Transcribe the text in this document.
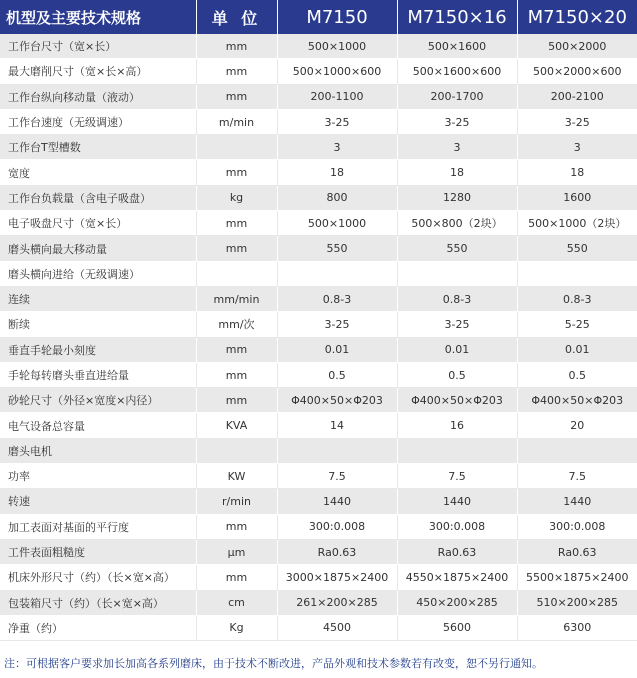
机型及主要技术规格	单 位	M7150	M7150×16	M7150×20
工作台尺寸（宽×长）	mm	500×1000	500×1600	500×2000
最大磨削尺寸（宽×长×高）	mm	500×1000×600	500×1600×600	500×2000×600
工作台纵向移动量（液动）	mm	200-1100	200-1700	200-2100
工作台速度（无级调速）	m/min	3-25	3-25	3-25
工作台T型槽数		3	3	3
宽度	mm	18	18	18
工作台负载量（含电子吸盘）	kg	800	1280	1600
电子吸盘尺寸（宽×长）	mm	500×1000	500×800（2块）	500×1000（2块）
磨头横向最大移动量	mm	550	550	550
磨头横向进给（无级调速）				
连续	mm/min	0.8-3	0.8-3	0.8-3
断续	mm/次	3-25	3-25	5-25
垂直手轮最小刻度	mm	0.01	0.01	0.01
手轮每转磨头垂直进给量	mm	0.5	0.5	0.5
砂轮尺寸（外径×宽度×内径）	mm	Φ400×50×Φ203	Φ400×50×Φ203	Φ400×50×Φ203
电气设备总容量	KVA	14	16	20
磨头电机				
功率	KW	7.5	7.5	7.5
转速	r/min	1440	1440	1440
加工表面对基面的平行度	mm	300:0.008	300:0.008	300:0.008
工件表面粗糙度	μm	Ra0.63	Ra0.63	Ra0.63
机床外形尺寸（约）（长×宽×高）	mm	3000×1875×2400	4550×1875×2400	5500×1875×2400
包装箱尺寸（约）（长×宽×高）	cm	261×200×285	450×200×285	510×200×285
净重（约）	Kg	4500	5600	6300
注：可根据客户要求加长加高各系列磨床，由于技术不断改进，产品外观和技术参数若有改变，恕不另行通知。
